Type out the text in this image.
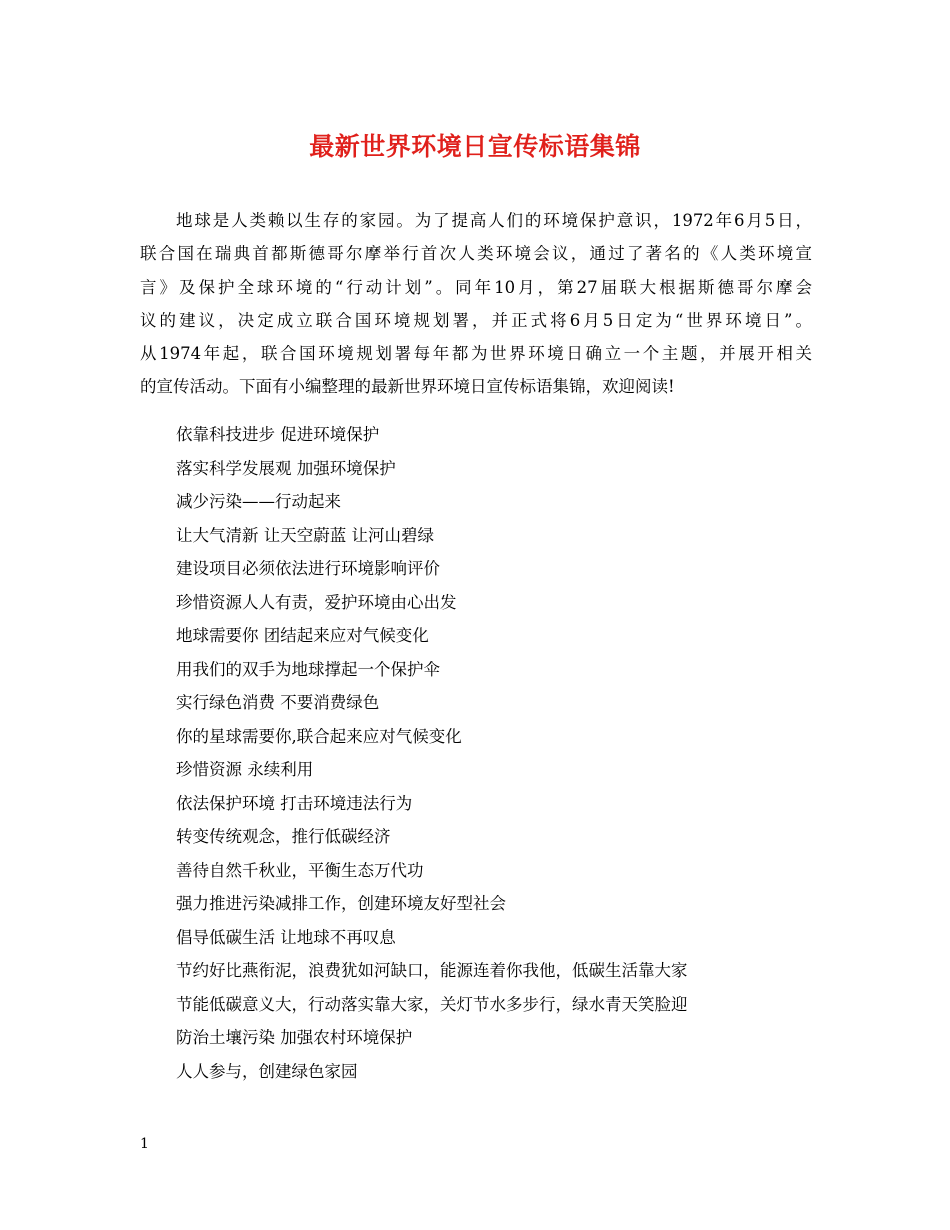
最新世界环境日宣传标语集锦
地球是人类赖以生存的家园。为了提高人们的环境保护意识，1972年6月5日，
联合国在瑞典首都斯德哥尔摩举行首次人类环境会议，通过了著名的《人类环境宣
言》及保护全球环境的“行动计划”。同年10月，第27届联大根据斯德哥尔摩会
议的建议，决定成立联合国环境规划署，并正式将6月5日定为“世界环境日”。
从1974年起，联合国环境规划署每年都为世界环境日确立一个主题，并展开相关
的宣传活动。下面有小编整理的最新世界环境日宣传标语集锦，欢迎阅读!
依靠科技进步 促进环境保护
落实科学发展观 加强环境保护
减少污染——行动起来
让大气清新 让天空蔚蓝 让河山碧绿
建设项目必须依法进行环境影响评价
珍惜资源人人有责，爱护环境由心出发
地球需要你 团结起来应对气候变化
用我们的双手为地球撑起一个保护伞
实行绿色消费 不要消费绿色
你的星球需要你,联合起来应对气候变化
珍惜资源 永续利用
依法保护环境 打击环境违法行为
转变传统观念，推行低碳经济
善待自然千秋业，平衡生态万代功
强力推进污染减排工作，创建环境友好型社会
倡导低碳生活 让地球不再叹息
节约好比燕衔泥，浪费犹如河缺口，能源连着你我他，低碳生活靠大家
节能低碳意义大，行动落实靠大家，关灯节水多步行，绿水青天笑脸迎
防治土壤污染 加强农村环境保护
人人参与，创建绿色家园
1
